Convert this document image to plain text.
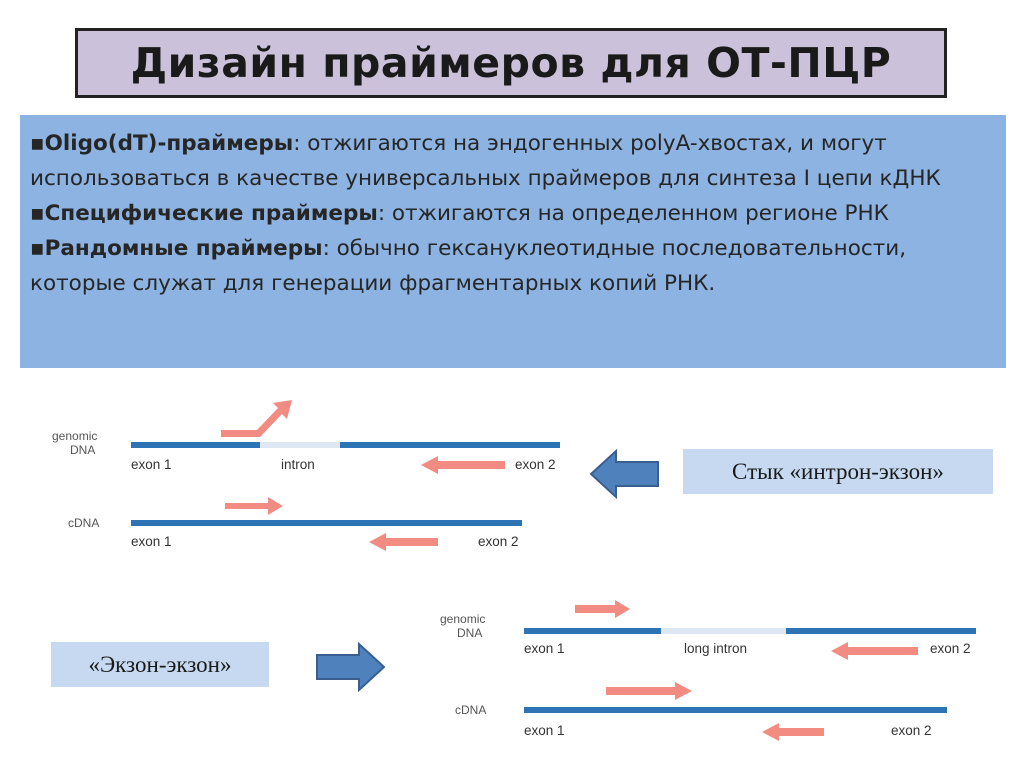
Дизайн праймеров для ОТ-ПЦР

▪Oligo(dT)-праймеры: отжигаются на эндогенных polyA-хвостах, и могут использоваться в качестве универсальных праймеров для синтеза I цепи кДНК

▪Специфические праймеры: отжигаются на определенном регионе РНК

▪Рандомные праймеры: обычно гексануклеотидные последовательности, которые служат для генерации фрагментарных копий РНК.

genomic
DNA
exon 1	intron	exon 2
cDNA
exon 1	exon 2
genomic
DNA
exon 1	long intron	exon 2
cDNA
exon 1	exon 2
Стык «интрон-экзон»
«Экзон-экзон»
